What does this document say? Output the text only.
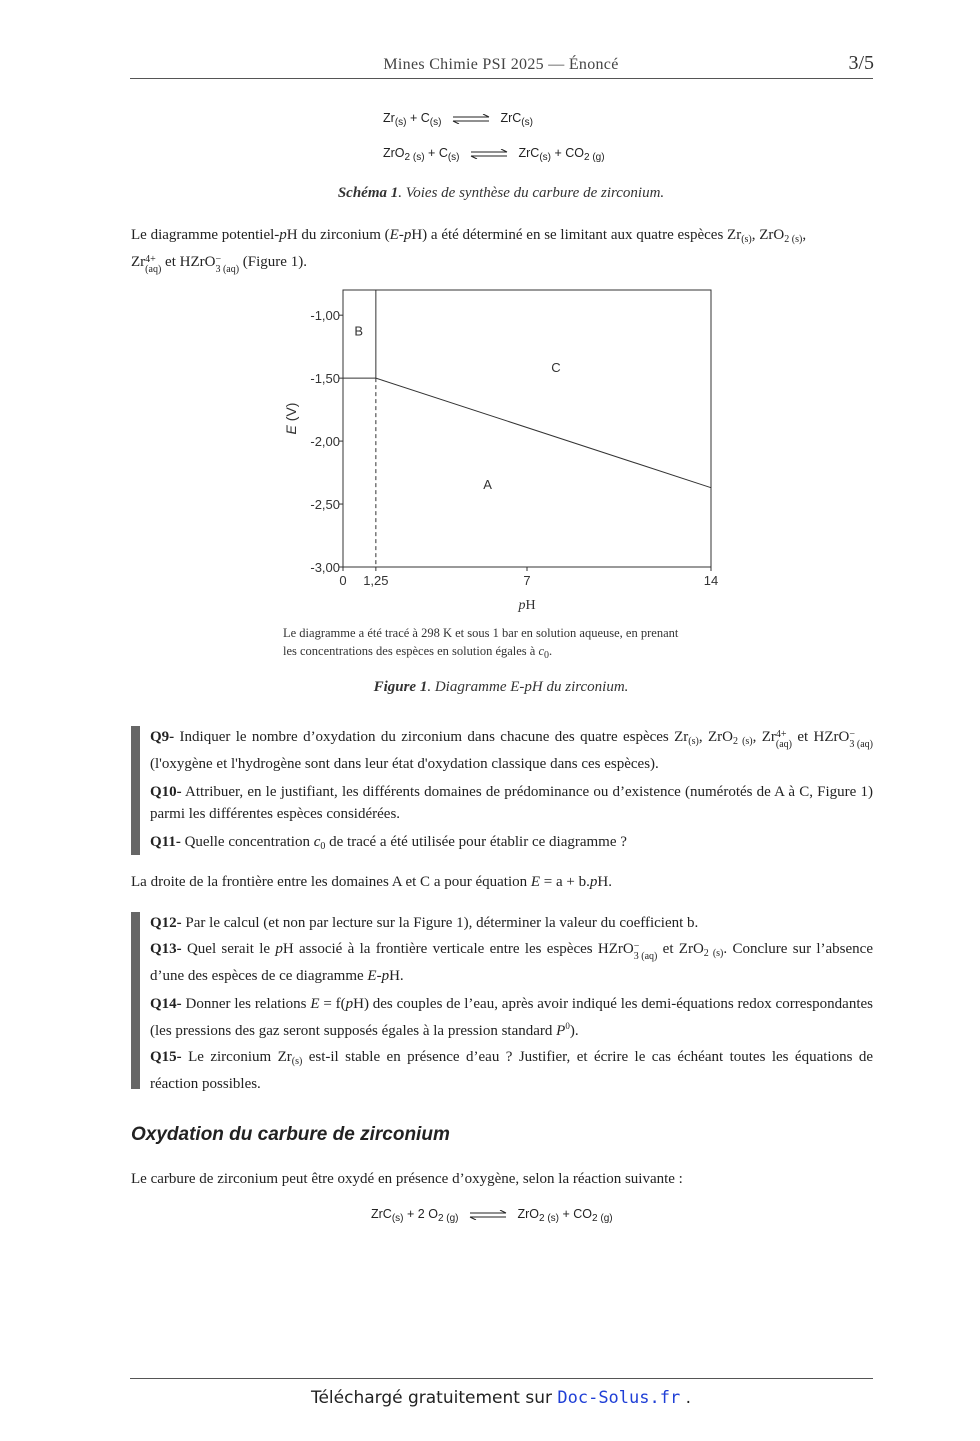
Mines Chimie PSI 2025 — Énoncé	3/5
$Zr_{(s)} + C_{(s)}$ ⇌ ZrC$_{(s)}$
$ZrO_{2 (s)} + C_{(s)}$ ⇌ $ZrC_{(s)} + CO_{2 (g)}$
Schéma 1. Voies de synthèse du carbure de zirconium.
Le diagramme potentiel-pH du zirconium (E-pH) a été déterminé en se limitant aux quatre espèces $Zr_{(s)}$, ZrO$_{2 (s)}$,
Zr 4+
(aq) et HZrO −
3 (aq) (Figure 1).
-1,00
-1,50
-2,00
-2,50
-3,00
0 1,25	7	14
B
C
A
pH
E (V)
Le diagramme a été tracé à 298 K et sous 1 bar en solution aqueuse, en prenant
les concentrations des espèces en solution égales à $c_0$.
Figure 1. Diagramme E-pH du zirconium.

Q9- Indiquer le nombre d’oxydation du zirconium dans chacune des quatre espèces $Zr_{(s)}$, ZrO$_{2 (s)}$, Zr 4+
(aq) et HZrO −
3 (aq)
(l'oxygène et l'hydrogène sont dans leur état d'oxydation classique dans ces espèces).

Q10- Attribuer, en le justifiant, les différents domaines de prédominance ou d’existence (numérotés de A à C, Figure 1) parmi les différentes espèces considérées.

Q11- Quelle concentration $c_0$ de tracé a été utilisée pour établir ce diagramme ?

La droite de la frontière entre les domaines A et C a pour équation E = a + b.pH.

Q12- Par le calcul (et non par lecture sur la Figure 1), déterminer la valeur du coefficient b.

Q13- Quel serait le pH associé à la frontière verticale entre les espèces HZrO −
3 (aq) et ZrO$_{2 (s)}$. Conclure sur l’absence d’une des espèces de ce diagramme E-pH.

Q14- Donner les relations E = f(pH) des couples de l’eau, après avoir indiqué les demi-équations redox correspondantes (les pressions des gaz seront supposés égales à la pression standard $P^0$).

Q15- Le zirconium $Zr_{(s)}$ est-il stable en présence d’eau ? Justifier, et écrire le cas échéant toutes les équations de réaction possibles.

Oxydation du carbure de zirconium
Le carbure de zirconium peut être oxydé en présence d’oxygène, selon la réaction suivante :
ZrC$_{(s)}$ + 2 $O_{2 (g)}$ ⇌ $ZrO_{2 (s)} + CO_{2 (g)}$
Téléchargé gratuitement sur Doc-Solus.fr .
